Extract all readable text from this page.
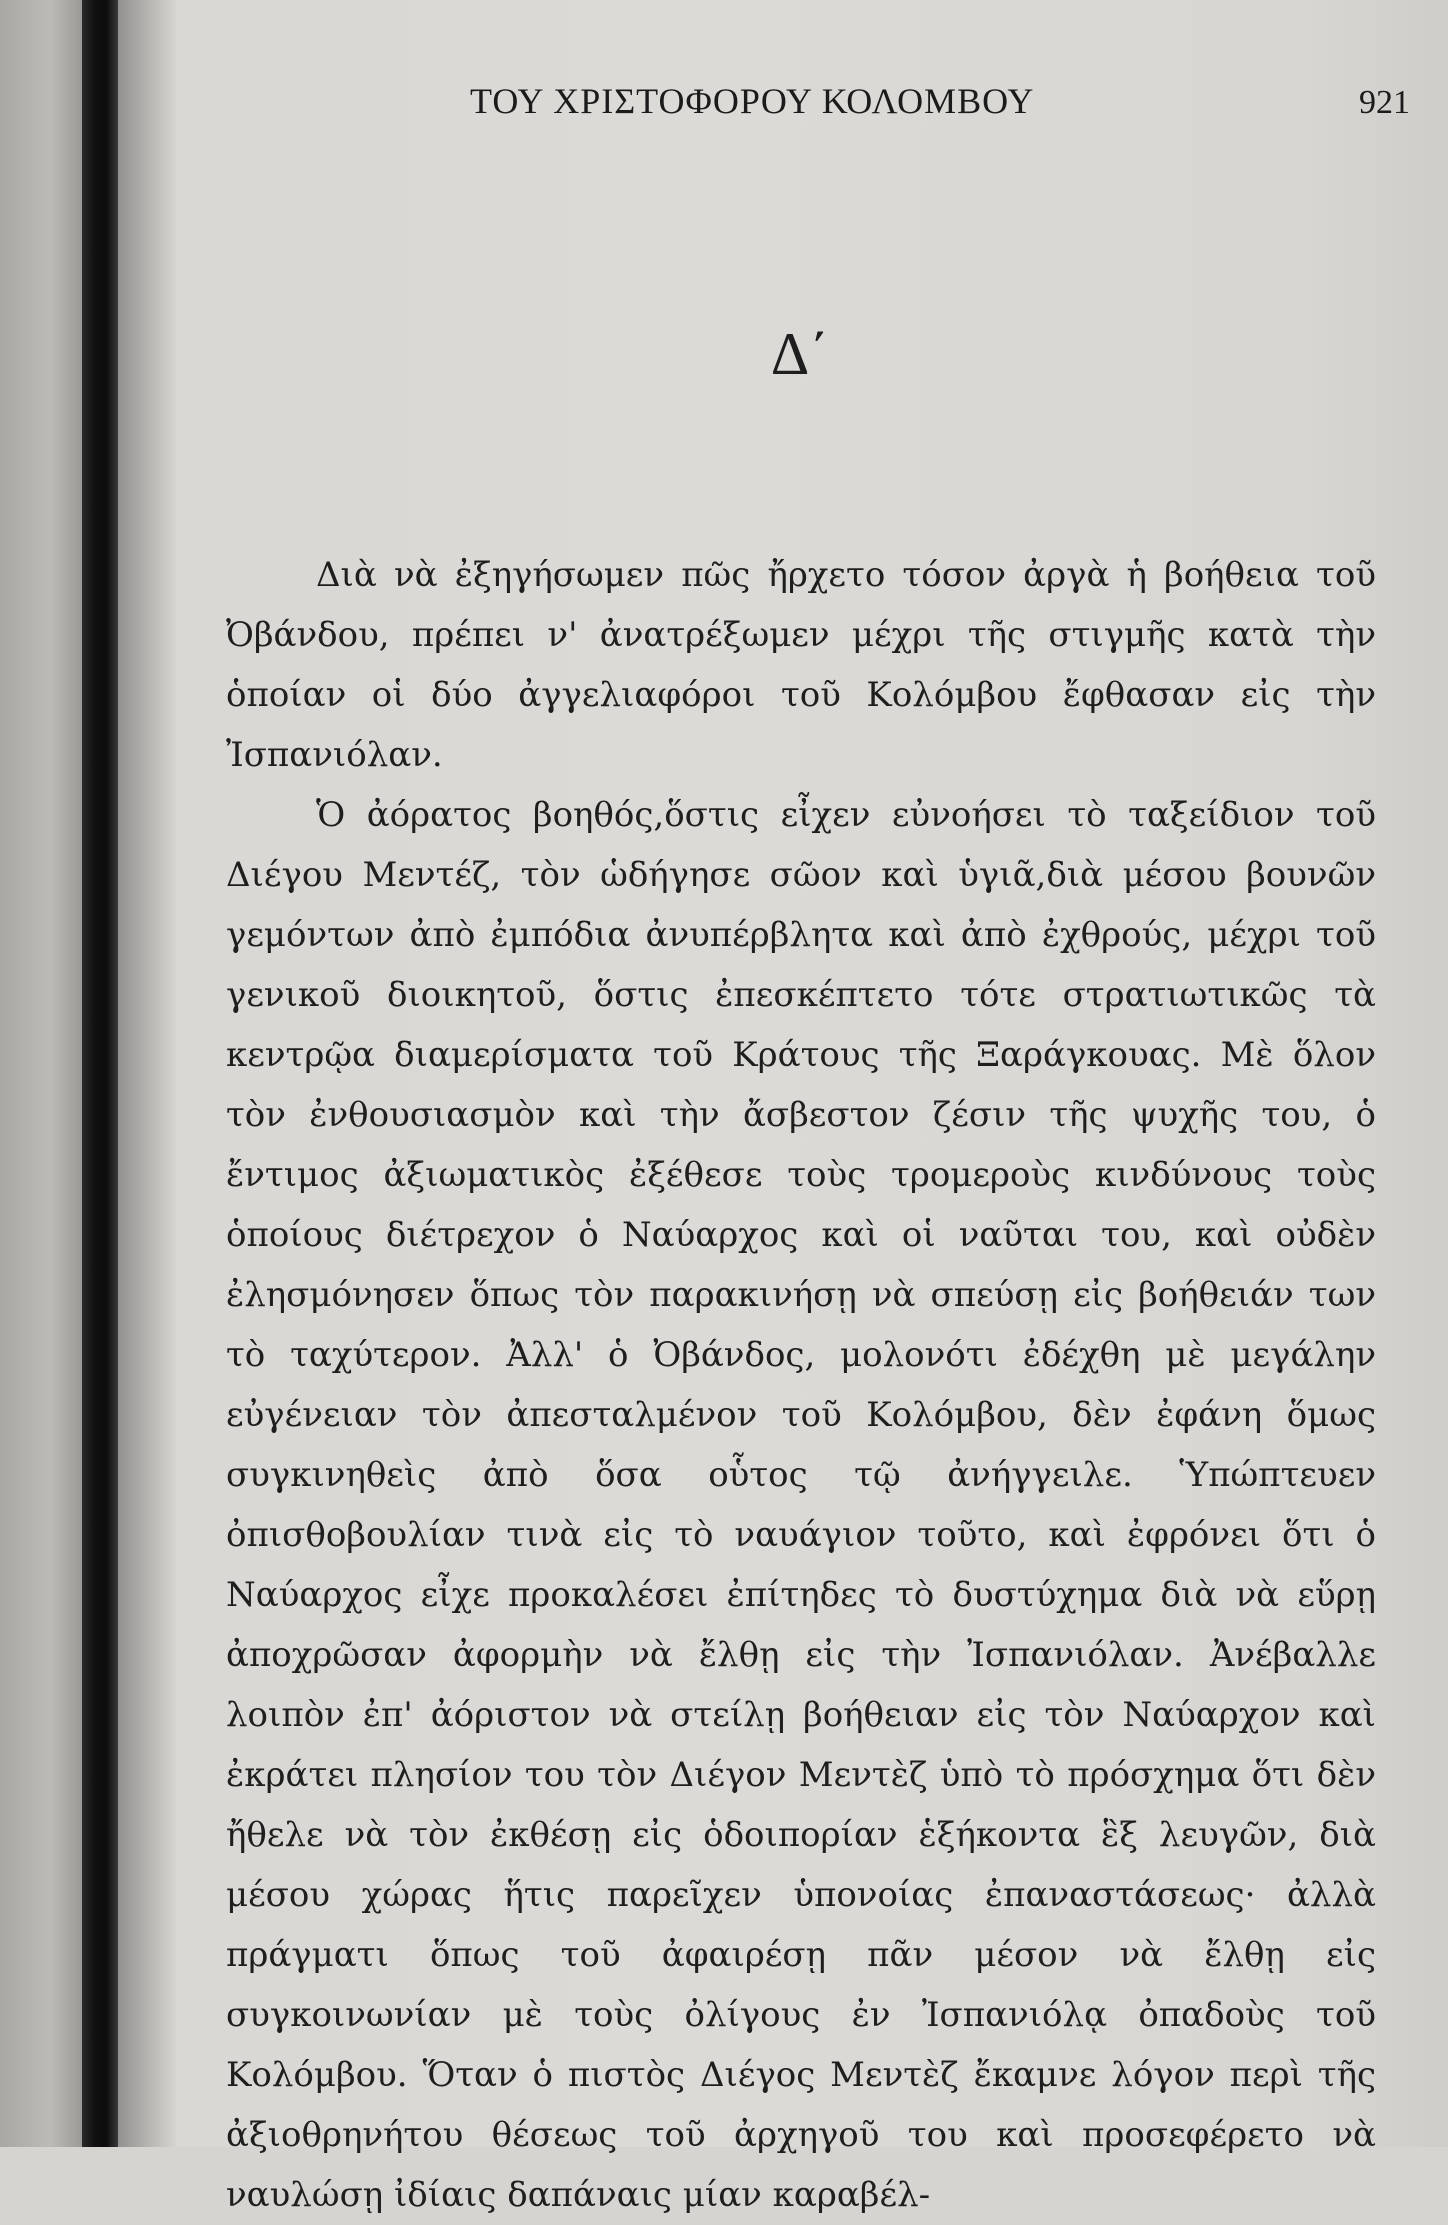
ΤΟΥ ΧΡΙΣΤΟΦΟΡΟΥ ΚΟΛΟΜΒΟΥ	921
Δ΄

Διὰ νὰ ἐξηγήσωμεν πῶς ἤρχετο τόσον ἀργὰ ἡ βοήθεια τοῦ Ὀβάνδου, πρέπει ν' ἀνατρέξωμεν μέχρι τῆς στιγμῆς κατὰ τὴν ὁποίαν οἱ δύο ἀγγελιαφόροι τοῦ Κολόμβου ἔφθασαν εἰς τὴν Ἰσπανιόλαν.

Ὁ ἀόρατος βοηθός,ὅστις εἶχεν εὐνοήσει τὸ ταξείδιον τοῦ Διέγου Μεντέζ, τὸν ὡδήγησε σῶον καὶ ὑγιᾶ,διὰ μέσου βουνῶν γεμόντων ἀπὸ ἐμπόδια ἀνυπέρβλητα καὶ ἀπὸ ἐχθρούς, μέχρι τοῦ γενικοῦ διοικητοῦ, ὅστις ἐπεσκέπτετο τότε στρατιωτικῶς τὰ κεντρῷα διαμερίσματα τοῦ Κράτους τῆς Ξαράγκουας. Μὲ ὅλον τὸν ἐνθουσιασμὸν καὶ τὴν ἄσβεστον ζέσιν τῆς ψυχῆς του, ὁ ἔντιμος ἀξιωματικὸς ἐξέθεσε τοὺς τρομεροὺς κινδύνους τοὺς ὁποίους διέτρεχον ὁ Ναύαρχος καὶ οἱ ναῦται του, καὶ οὐδὲν ἐλησμόνησεν ὅπως τὸν παρακινήσῃ νὰ σπεύσῃ εἰς βοήθειάν των τὸ ταχύτερον. Ἀλλ' ὁ Ὀβάνδος, μολονότι ἐδέχθη μὲ μεγάλην εὐγένειαν τὸν ἀπεσταλμένον τοῦ Κολόμβου, δὲν ἐφάνη ὅμως συγκινηθεὶς ἀπὸ ὅσα οὗτος τῷ ἀνήγγειλε. Ὑπώπτευεν ὀπισθοβουλίαν τινὰ εἰς τὸ ναυάγιον τοῦτο, καὶ ἐφρόνει ὅτι ὁ Ναύαρχος εἶχε προκαλέσει ἐπίτηδες τὸ δυστύχημα διὰ νὰ εὕρῃ ἀποχρῶσαν ἀφορμὴν νὰ ἔλθῃ εἰς τὴν Ἰσπανιόλαν. Ἀνέβαλλε λοιπὸν ἐπ' ἀόριστον νὰ στείλῃ βοήθειαν εἰς τὸν Ναύαρχον καὶ ἐκράτει πλησίον του τὸν Διέγον Μεντὲζ ὑπὸ τὸ πρόσχημα ὅτι δὲν ἤθελε νὰ τὸν ἐκθέσῃ εἰς ὁδοιπορίαν ἑξήκοντα ἓξ λευγῶν, διὰ μέσου χώρας ἥτις παρεῖχεν ὑπονοίας ἐπαναστάσεως· ἀλλὰ πράγματι ὅπως τοῦ ἀφαιρέσῃ πᾶν μέσον νὰ ἔλθῃ εἰς συγκοινωνίαν μὲ τοὺς ὀλίγους ἐν Ἰσπανιόλᾳ ὀπαδοὺς τοῦ Κολόμβου. Ὅταν ὁ πιστὸς Διέγος Μεντὲζ ἔκαμνε λόγον περὶ τῆς ἀξιοθρηνήτου θέσεως τοῦ ἀρχηγοῦ του καὶ προσεφέρετο νὰ ναυλώσῃ ἰδίαις δαπάναις μίαν καραβέλ-
